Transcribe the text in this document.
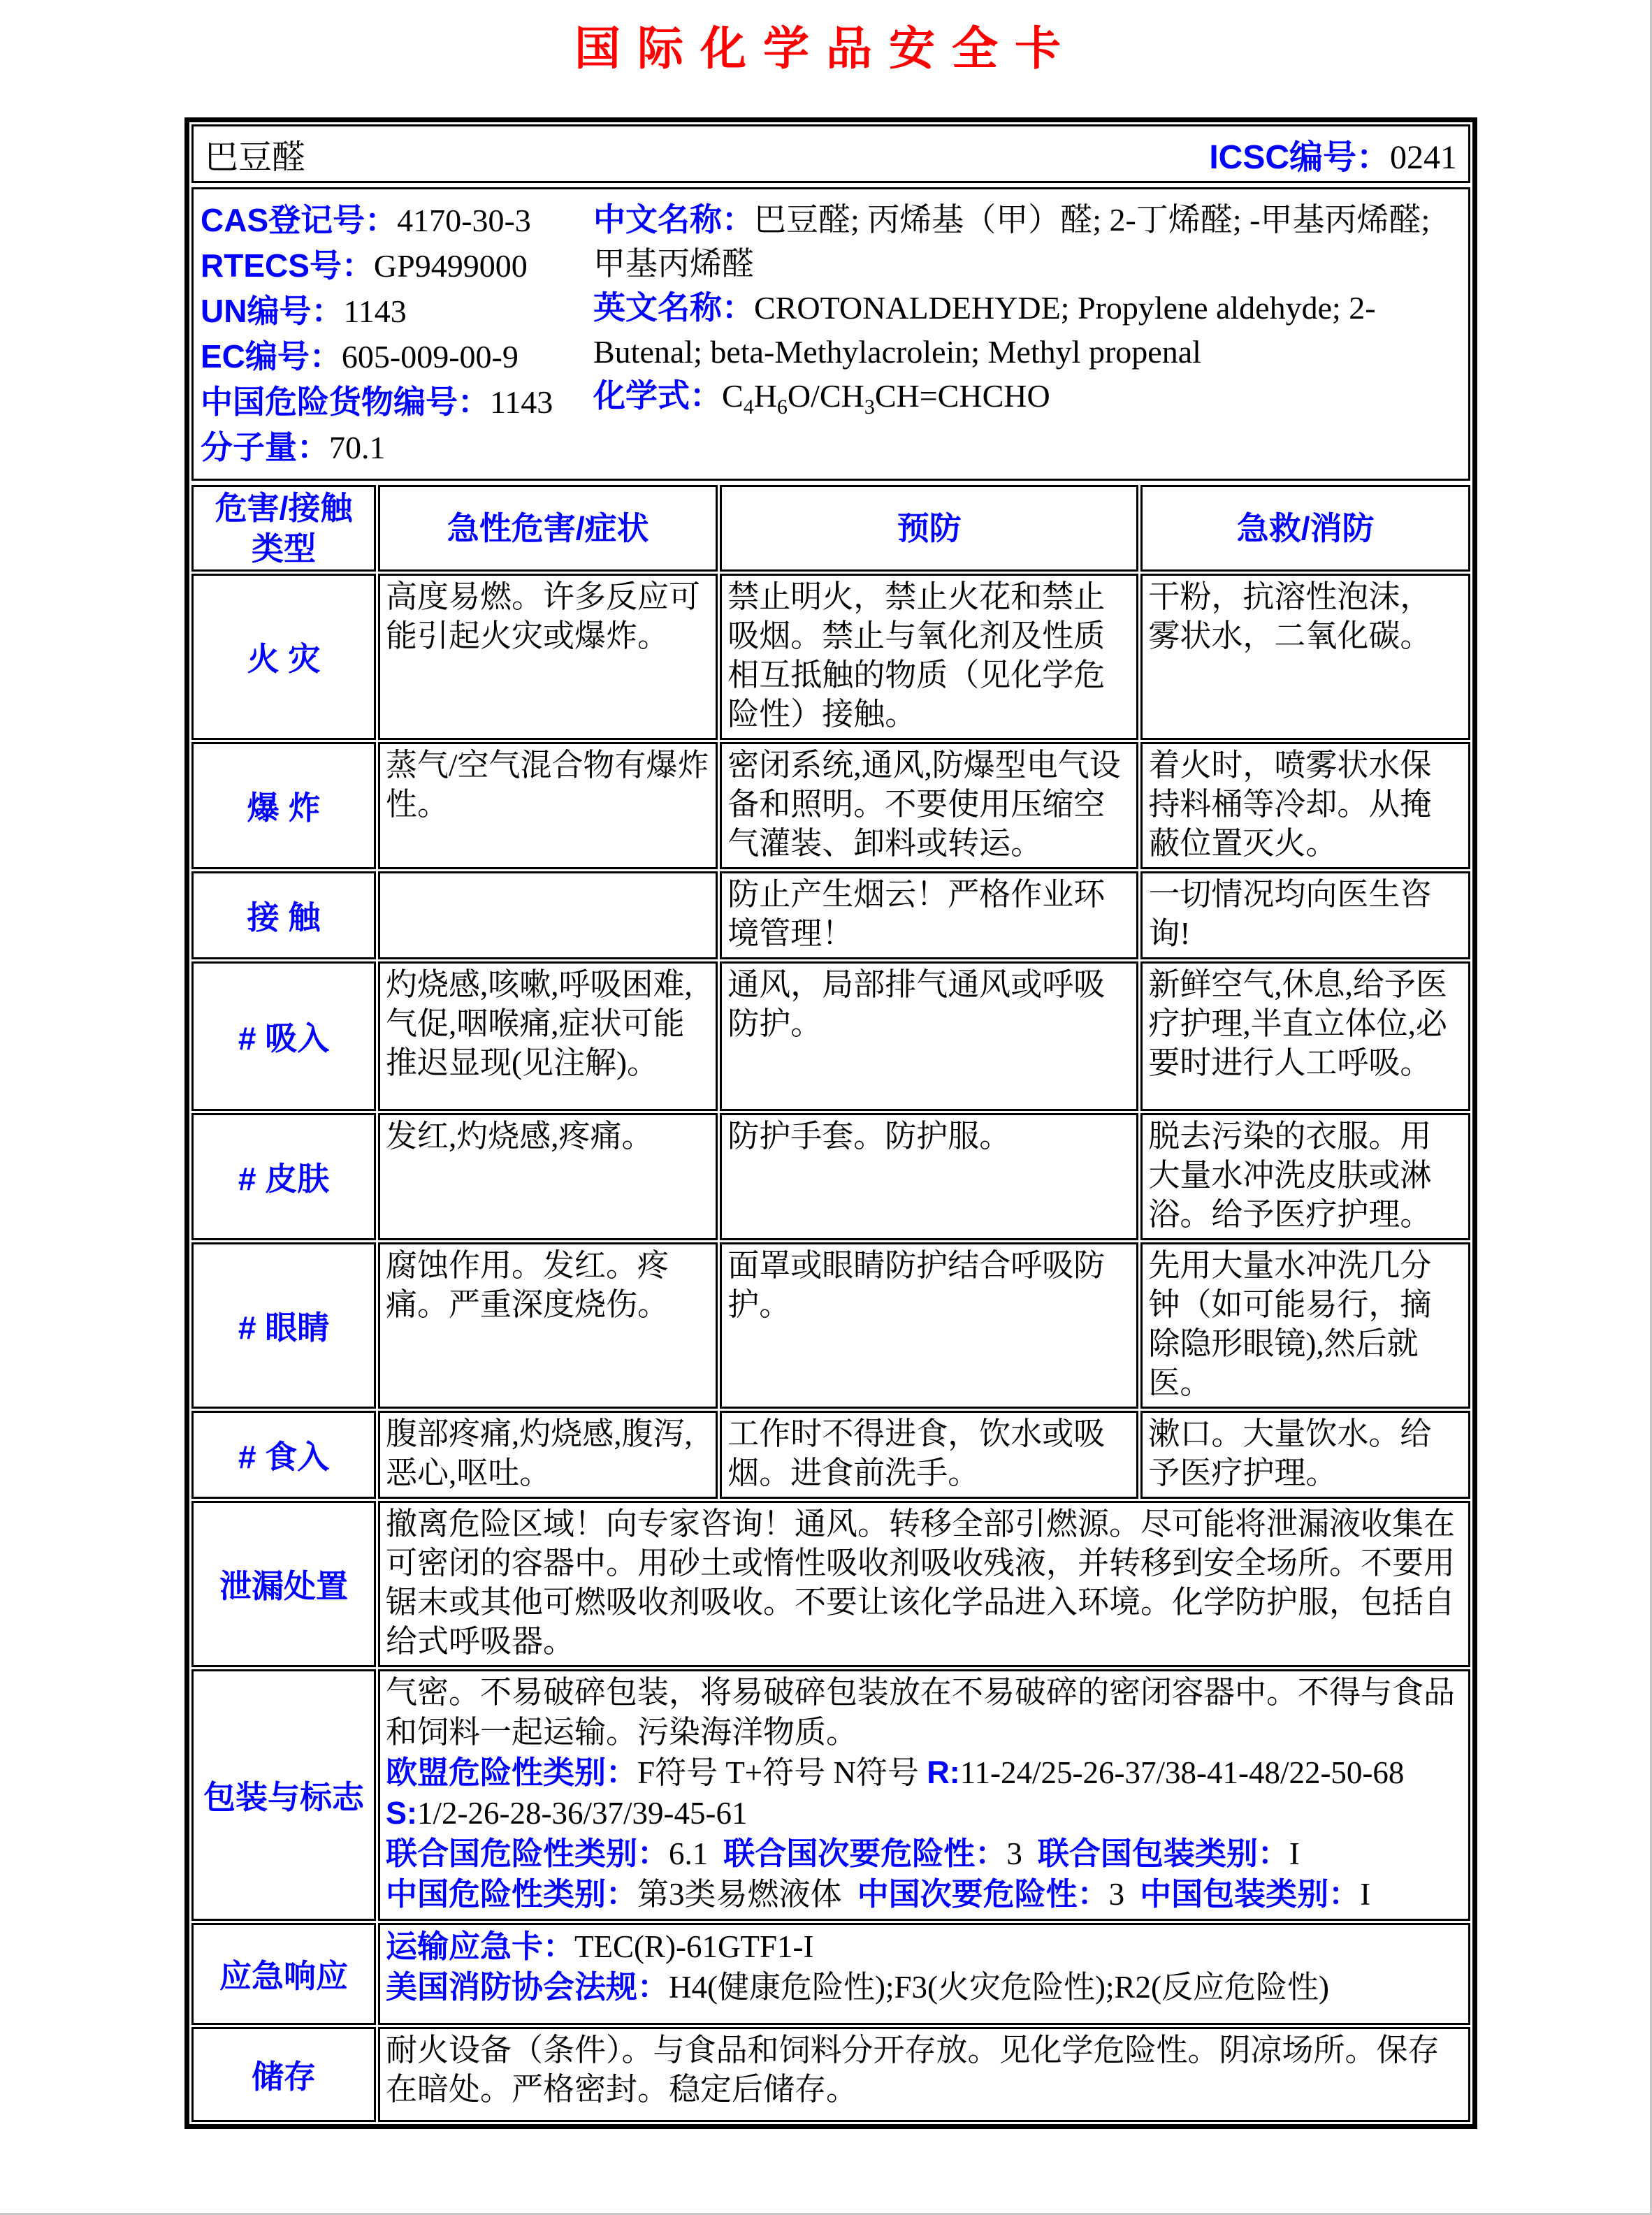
国际化学品安全卡
巴豆醛	ICSC编号：0241
CAS登记号：4170-30-3
RTECS号：GP9499000
UN编号：1143
EC编号：605-009-00-9
中国危险货物编号：1143
分子量：70.1
中文名称：巴豆醛; 丙烯基（甲）醛; 2-丁烯醛; -甲基丙烯醛; 甲基丙烯醛
英文名称：CROTONALDEHYDE; Propylene aldehyde; 2-Butenal; beta-Methylacrolein; Methyl propenal
化学式：$C_4H_6O/CH_3CH=CHCHO$
危害/接触
类型	急性危害/症状	预防	急救/消防
火 灾	高度易燃。许多反应可能引起火灾或爆炸。	禁止明火，禁止火花和禁止吸烟。禁止与氧化剂及性质相互抵触的物质（见化学危险性）接触。	干粉，抗溶性泡沫，雾状水，二氧化碳。
爆 炸	蒸气/空气混合物有爆炸性。	密闭系统,通风,防爆型电气设备和照明。不要使用压缩空气灌装、卸料或转运。	着火时，喷雾状水保持料桶等冷却。从掩蔽位置灭火。
接 触		防止产生烟云！严格作业环境管理！	一切情况均向医生咨询!
# 吸入	灼烧感,咳嗽,呼吸困难,气促,咽喉痛,症状可能推迟显现(见注解)。	通风，局部排气通风或呼吸防护。	新鲜空气,休息,给予医疗护理,半直立体位,必要时进行人工呼吸。
# 皮肤	发红,灼烧感,疼痛。	防护手套。防护服。	脱去污染的衣服。用大量水冲洗皮肤或淋浴。给予医疗护理。
# 眼睛	腐蚀作用。发红。疼痛。严重深度烧伤。	面罩或眼睛防护结合呼吸防护。	先用大量水冲洗几分钟（如可能易行，摘除隐形眼镜),然后就医。
# 食入	腹部疼痛,灼烧感,腹泻,恶心,呕吐。	工作时不得进食，饮水或吸烟。进食前洗手。	漱口。大量饮水。给予医疗护理。
泄漏处置	撤离危险区域！向专家咨询！通风。转移全部引燃源。尽可能将泄漏液收集在可密闭的容器中。用砂土或惰性吸收剂吸收残液，并转移到安全场所。不要用锯末或其他可燃吸收剂吸收。不要让该化学品进入环境。化学防护服，包括自给式呼吸器。		
包装与标志	气密。不易破碎包装，将易破碎包装放在不易破碎的密闭容器中。不得与食品和饲料一起运输。污染海洋物质。
欧盟危险性类别：F符号 T+符号 N符号 R:11-24/25-26-37/38-41-48/22-50-68 S:1/2-26-28-36/37/39-45-61
联合国危险性类别：6.1 联合国次要危险性：3 联合国包装类别：I
中国危险性类别：第3类易燃液体 中国次要危险性：3 中国包装类别：I		

应急响应	运输应急卡：TEC(R)-61GTF1-I
美国消防协会法规：H4(健康危险性);F3(火灾危险性);R2(反应危险性)		

储存	耐火设备（条件）。与食品和饲料分开存放。见化学危险性。阴凉场所。保存在暗处。严格密封。稳定后储存。		
